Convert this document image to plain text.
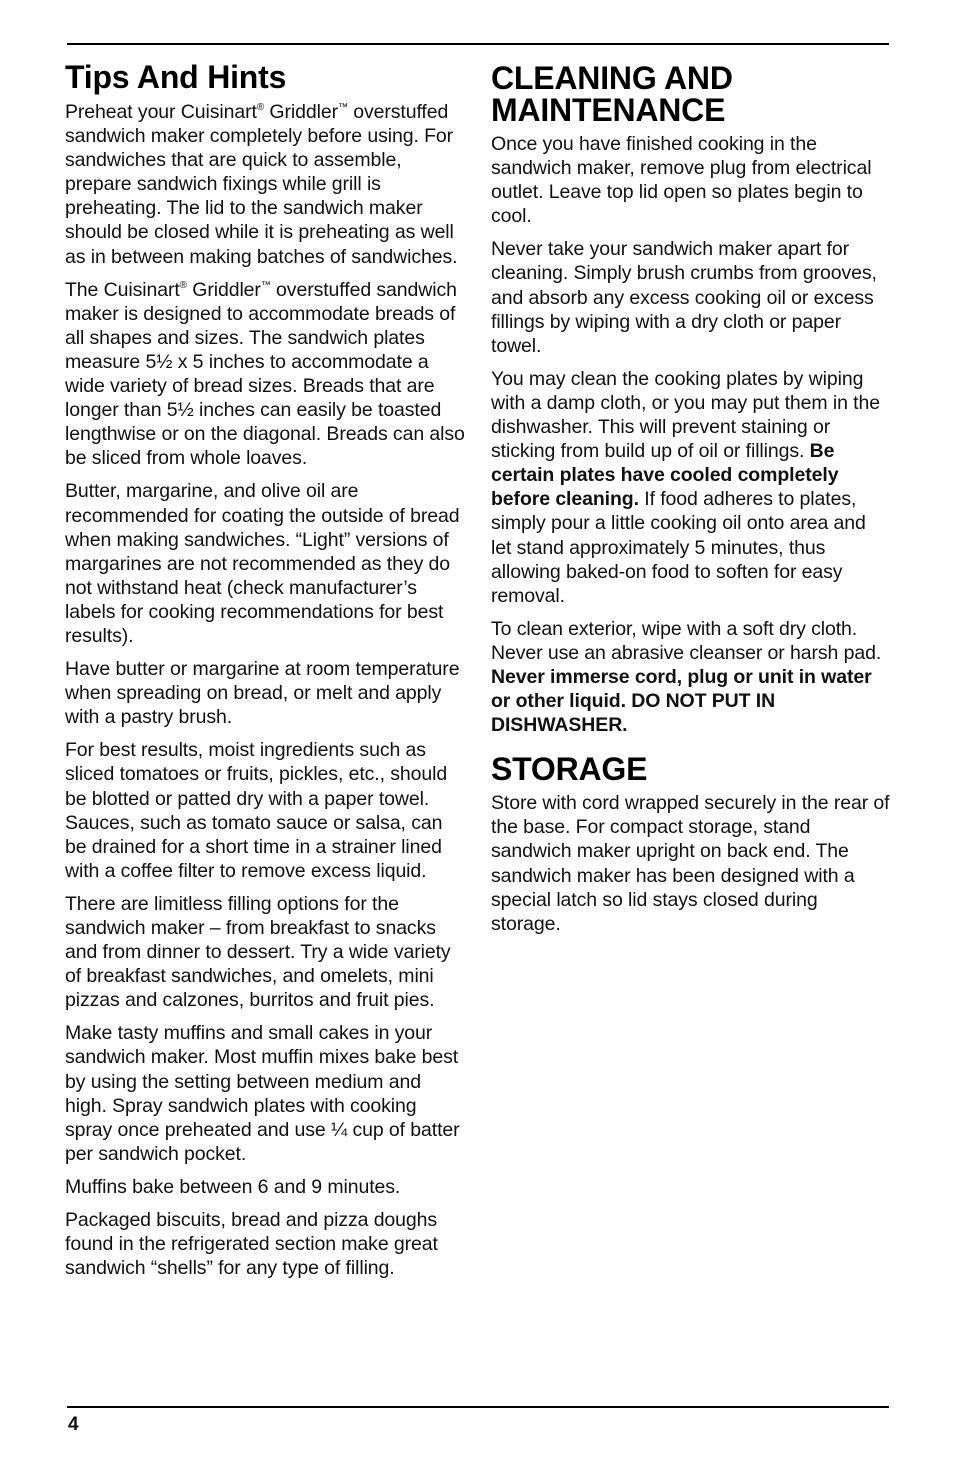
Tips And Hints

Preheat your Cuisinart® Griddler™ overstuffed sandwich maker completely before using. For sandwiches that are quick to assemble, prepare sandwich fixings while grill is preheating. The lid to the sandwich maker should be closed while it is preheating as well as in between making batches of sandwiches.

The Cuisinart® Griddler™ overstuffed sandwich maker is designed to accommodate breads of all shapes and sizes. The sandwich plates measure 5½ x 5 inches to accommodate a wide variety of bread sizes. Breads that are longer than 5½ inches can easily be toasted lengthwise or on the diagonal. Breads can also be sliced from whole loaves.

Butter, margarine, and olive oil are recommended for coating the outside of bread when making sandwiches. “Light” versions of margarines are not recommended as they do not withstand heat (check manufacturer’s labels for cooking recommendations for best results).

Have butter or margarine at room temperature when spreading on bread, or melt and apply with a pastry brush.

For best results, moist ingredients such as sliced tomatoes or fruits, pickles, etc., should be blotted or patted dry with a paper towel. Sauces, such as tomato sauce or salsa, can be drained for a short time in a strainer lined with a coffee filter to remove excess liquid.

There are limitless filling options for the sandwich maker – from breakfast to snacks and from dinner to dessert. Try a wide variety of breakfast sandwiches, and omelets, mini pizzas and calzones, burritos and fruit pies.

Make tasty muffins and small cakes in your sandwich maker. Most muffin mixes bake best by using the setting between medium and high. Spray sandwich plates with cooking spray once preheated and use ¼ cup of batter per sandwich pocket.

Muffins bake between 6 and 9 minutes.

Packaged biscuits, bread and pizza doughs found in the refrigerated section make great sandwich “shells” for any type of filling.

CLEANING AND
MAINTENANCE

Once you have finished cooking in the sandwich maker, remove plug from electrical outlet. Leave top lid open so plates begin to cool.

Never take your sandwich maker apart for cleaning. Simply brush crumbs from grooves, and absorb any excess cooking oil or excess fillings by wiping with a dry cloth or paper towel.

You may clean the cooking plates by wiping with a damp cloth, or you may put them in the dishwasher. This will prevent staining or sticking from build up of oil or fillings. Be certain plates have cooled completely before cleaning. If food adheres to plates, simply pour a little cooking oil onto area and let stand approximately 5 minutes, thus allowing baked-on food to soften for easy removal.

To clean exterior, wipe with a soft dry cloth. Never use an abrasive cleanser or harsh pad. Never immerse cord, plug or unit in water or other liquid. DO NOT PUT IN DISHWASHER.

STORAGE

Store with cord wrapped securely in the rear of the base. For compact storage, stand sandwich maker upright on back end. The sandwich maker has been designed with a special latch so lid stays closed during storage.

4
